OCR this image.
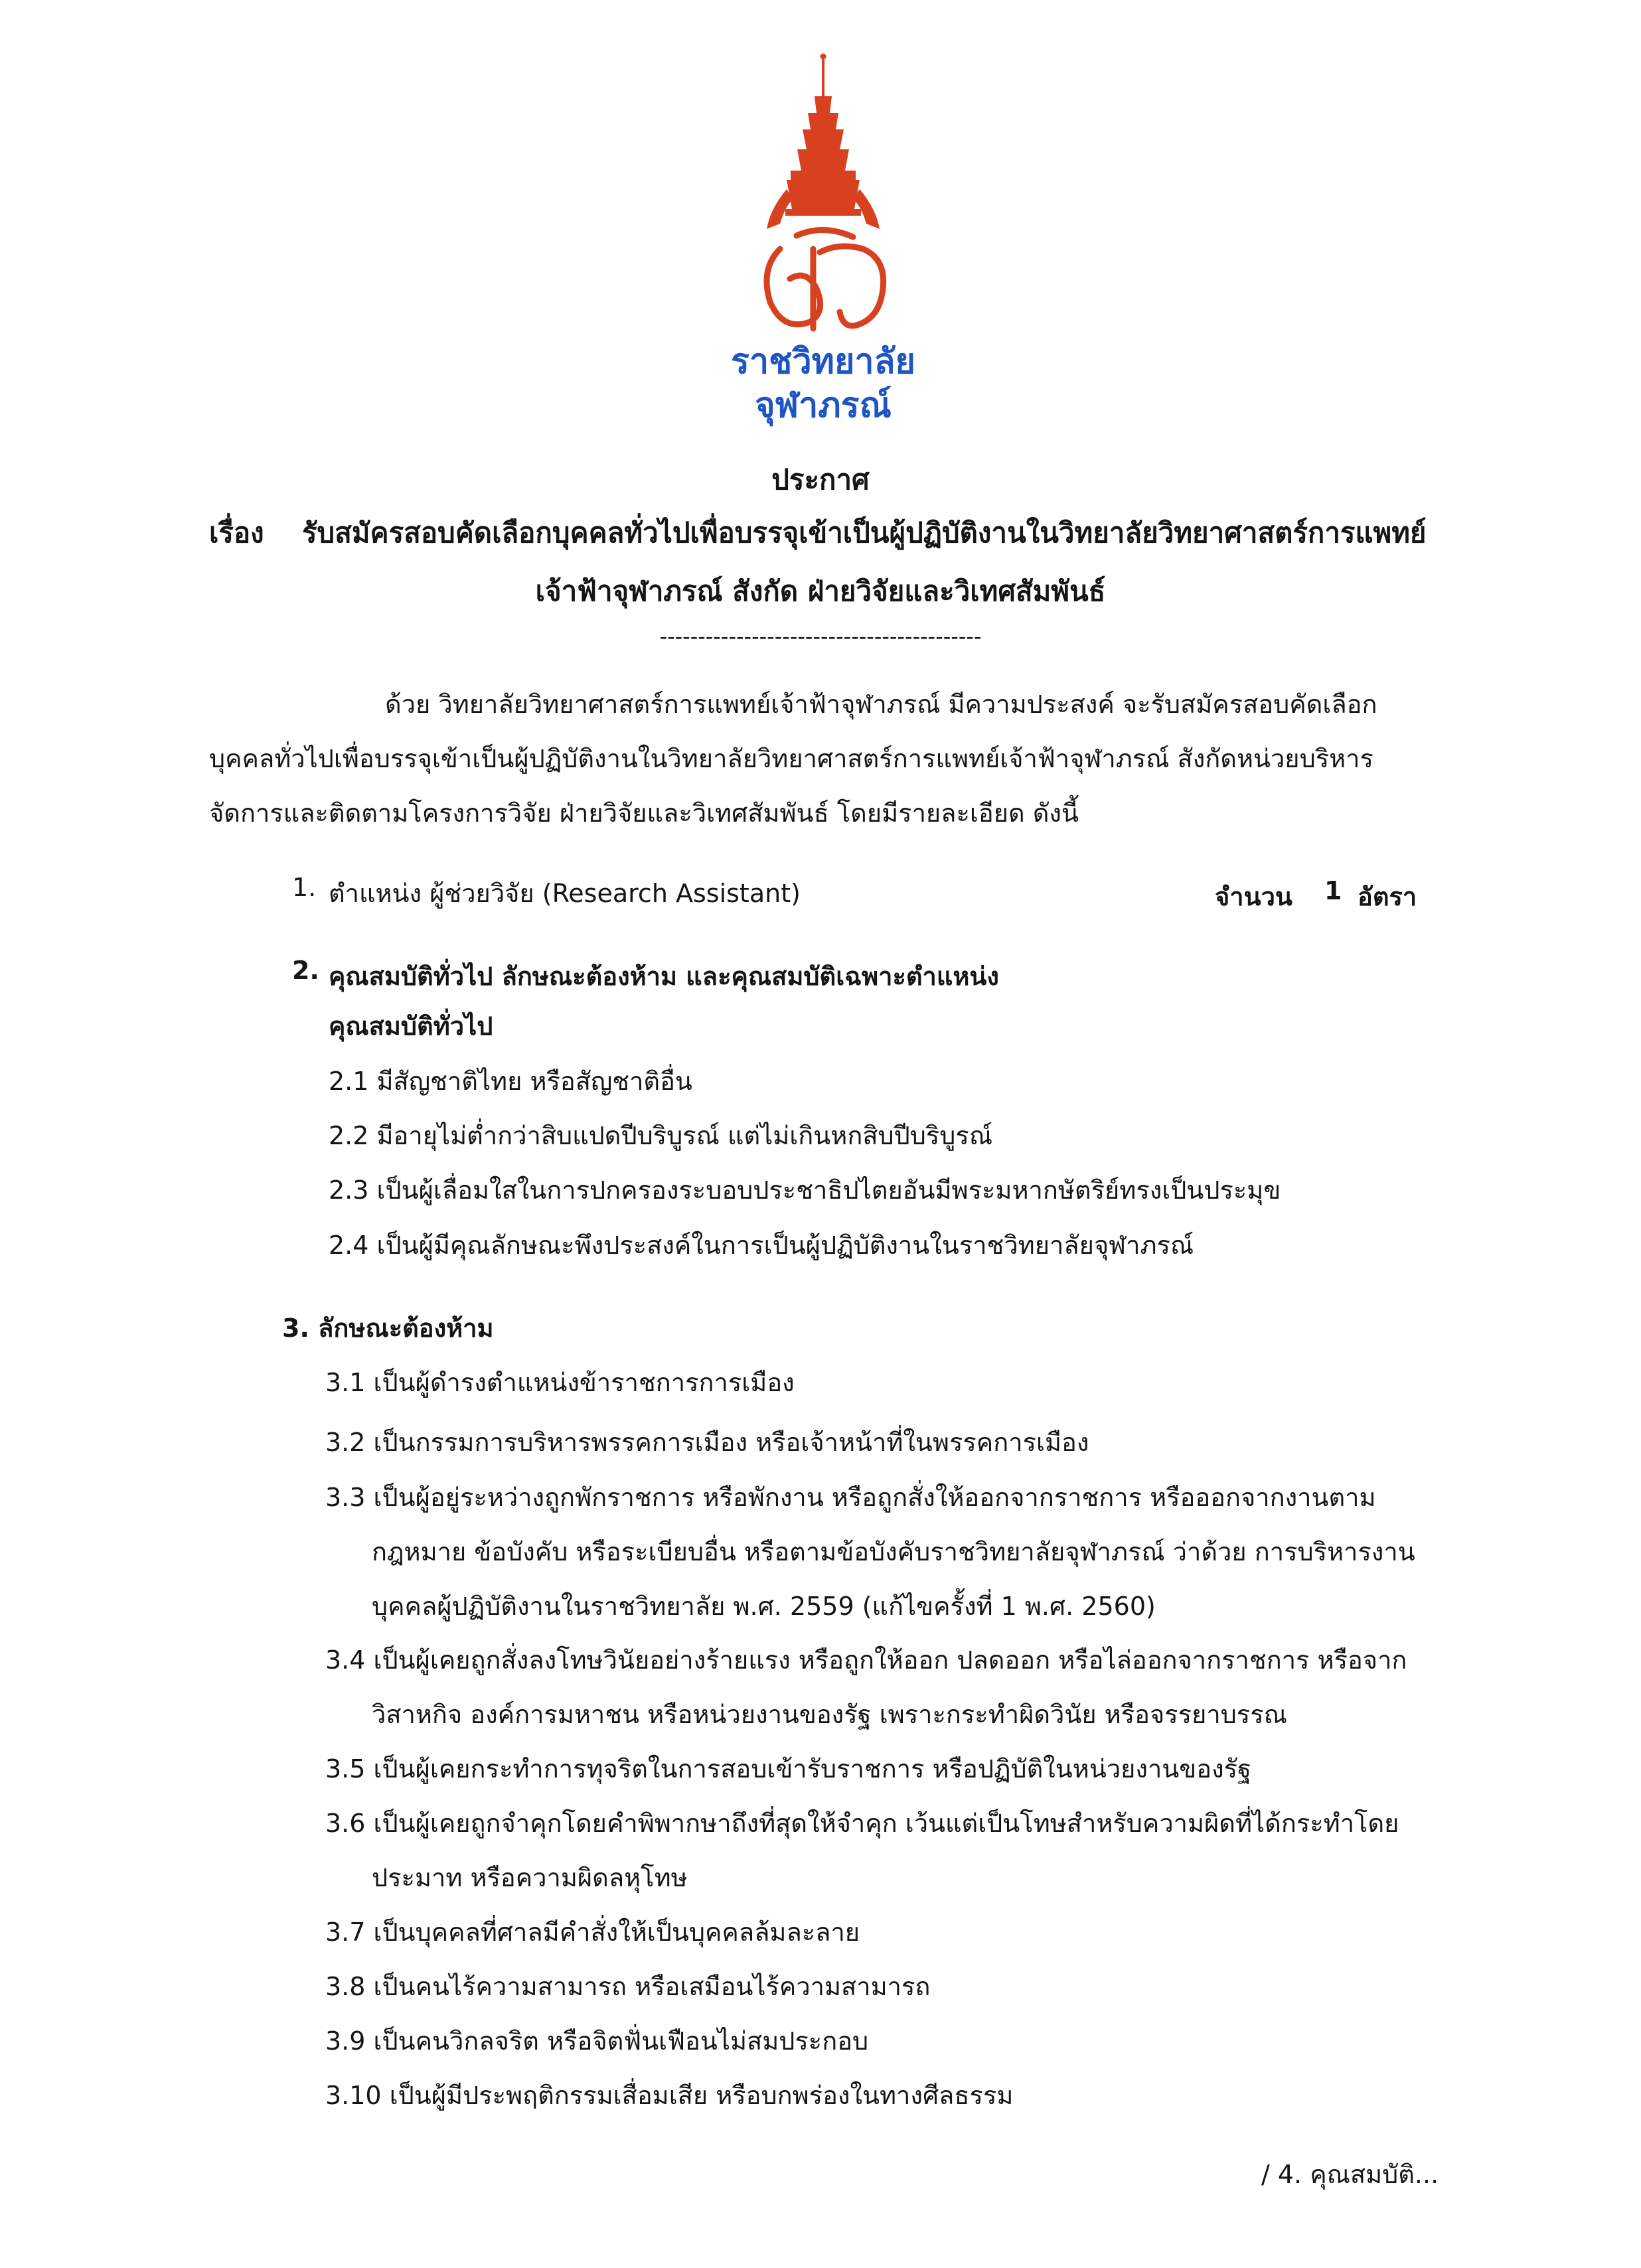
ราชวิทยาลัย
จุฬาภรณ์
ประกาศ
เรื่อง รับสมัครสอบคัดเลือกบุคคลทั่วไปเพื่อบรรจุเข้าเป็นผู้ปฏิบัติงานในวิทยาลัยวิทยาศาสตร์การแพทย์
เจ้าฟ้าจุฬาภรณ์ สังกัด ฝ่ายวิจัยและวิเทศสัมพันธ์
------------------------------------------
ด้วย วิทยาลัยวิทยาศาสตร์การแพทย์เจ้าฟ้าจุฬาภรณ์ มีความประสงค์ จะรับสมัครสอบคัดเลือก
บุคคลทั่วไปเพื่อบรรจุเข้าเป็นผู้ปฏิบัติงานในวิทยาลัยวิทยาศาสตร์การแพทย์เจ้าฟ้าจุฬาภรณ์ สังกัดหน่วยบริหาร
จัดการและติดตามโครงการวิจัย ฝ่ายวิจัยและวิเทศสัมพันธ์ โดยมีรายละเอียด ดังนี้
1. ตำแหน่ง ผู้ช่วยวิจัย (Research Assistant)	จำนวน 1 อัตรา
2. คุณสมบัติทั่วไป ลักษณะต้องห้าม และคุณสมบัติเฉพาะตำแหน่ง
คุณสมบัติทั่วไป
2.1 มีสัญชาติไทย หรือสัญชาติอื่น
2.2 มีอายุไม่ต่ำกว่าสิบแปดปีบริบูรณ์ แต่ไม่เกินหกสิบปีบริบูรณ์
2.3 เป็นผู้เลื่อมใสในการปกครองระบอบประชาธิปไตยอันมีพระมหากษัตริย์ทรงเป็นประมุข
2.4 เป็นผู้มีคุณลักษณะพึงประสงค์ในการเป็นผู้ปฏิบัติงานในราชวิทยาลัยจุฬาภรณ์
3. ลักษณะต้องห้าม
3.1 เป็นผู้ดำรงตำแหน่งข้าราชการการเมือง
3.2 เป็นกรรมการบริหารพรรคการเมือง หรือเจ้าหน้าที่ในพรรคการเมือง
3.3 เป็นผู้อยู่ระหว่างถูกพักราชการ หรือพักงาน หรือถูกสั่งให้ออกจากราชการ หรือออกจากงานตาม
กฎหมาย ข้อบังคับ หรือระเบียบอื่น หรือตามข้อบังคับราชวิทยาลัยจุฬาภรณ์ ว่าด้วย การบริหารงาน
บุคคลผู้ปฏิบัติงานในราชวิทยาลัย พ.ศ. 2559 (แก้ไขครั้งที่ 1 พ.ศ. 2560)
3.4 เป็นผู้เคยถูกสั่งลงโทษวินัยอย่างร้ายแรง หรือถูกให้ออก ปลดออก หรือไล่ออกจากราชการ หรือจาก
วิสาหกิจ องค์การมหาชน หรือหน่วยงานของรัฐ เพราะกระทำผิดวินัย หรือจรรยาบรรณ
3.5 เป็นผู้เคยกระทำการทุจริตในการสอบเข้ารับราชการ หรือปฏิบัติในหน่วยงานของรัฐ
3.6 เป็นผู้เคยถูกจำคุกโดยคำพิพากษาถึงที่สุดให้จำคุก เว้นแต่เป็นโทษสำหรับความผิดที่ได้กระทำโดย
ประมาท หรือความผิดลหุโทษ
3.7 เป็นบุคคลที่ศาลมีคำสั่งให้เป็นบุคคลล้มละลาย
3.8 เป็นคนไร้ความสามารถ หรือเสมือนไร้ความสามารถ
3.9 เป็นคนวิกลจริต หรือจิตฟั่นเฟือนไม่สมประกอบ
3.10 เป็นผู้มีประพฤติกรรมเสื่อมเสีย หรือบกพร่องในทางศีลธรรม
/ 4. คุณสมบัติ...
